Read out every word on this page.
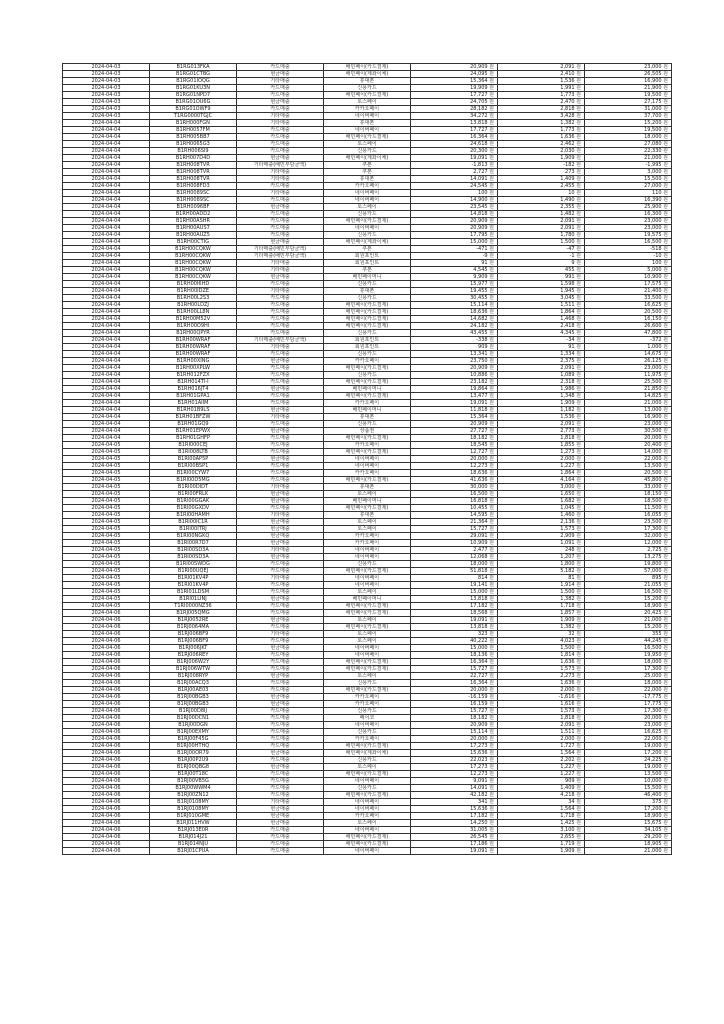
2024-04-03	B1RG013FKA	카드매출	배민페이(카드결제)	20,909 원	2,091 원	23,000 원
2024-04-03	B1RG01CTBG	현금매출	배민페이(계좌이체)	24,095 원	2,410 원	26,505 원
2024-04-03	B1RG01IOQG	기타매출	휴대폰	15,364 원	1,536 원	16,900 원
2024-04-03	B1RG01KU3N	카드매출	신용카드	19,909 원	1,991 원	21,900 원
2024-04-03	B1RG01NPD7	카드매출	배민페이(카드결제)	17,727 원	1,773 원	19,500 원
2024-04-03	B1RG01OU6G	현금매출	토스페이	24,705 원	2,470 원	27,175 원
2024-04-03	B1RG01OWF9	카드매출	카카오페이	28,182 원	2,818 원	31,000 원
2024-04-03	T1RG0000TGJC	기타매출	네이버페이	34,272 원	3,428 원	37,700 원
2024-04-04	B1RH000FGN	기타매출	휴대폰	13,818 원	1,382 원	15,200 원
2024-04-04	B1RH0057FM	카드매출	네이버페이	17,727 원	1,773 원	19,500 원
2024-04-04	B1RH005BB7	카드매출	배민페이(카드결제)	16,364 원	1,636 원	18,000 원
2024-04-04	B1RH0065G3	카드매출	토스페이	24,618 원	2,462 원	27,080 원
2024-04-04	B1RH006SI9	카드매출	신용카드	20,300 원	2,030 원	22,330 원
2024-04-04	B1RH007D4D	현금매출	배민페이(계좌이체)	19,091 원	1,909 원	21,000 원
2024-04-04	B1RH008TVR	기타매출(배민부담금액)	쿠폰	-1,813 원	-182 원	-1,995 원
2024-04-04	B1RH008TVR	기타매출	쿠폰	2,727 원	273 원	3,000 원
2024-04-04	B1RH008TVR	기타매출	휴대폰	14,091 원	1,409 원	15,500 원
2024-04-04	B1RH008FD3	카드매출	카카오페이	24,545 원	2,455 원	27,000 원
2024-04-04	B1RH0089SC	기타매출	네이버페이	100 원	10 원	110 원
2024-04-04	B1RH0089SC	카드매출	네이버페이	14,900 원	1,490 원	16,390 원
2024-04-04	B1RH0096BF	현금매출	토스페이	23,545 원	2,355 원	25,900 원
2024-04-04	B1RH00ADD2	카드매출	신용카드	14,818 원	1,482 원	16,300 원
2024-04-04	B1RH00ASHR	카드매출	배민페이(카드결제)	20,909 원	2,091 원	23,000 원
2024-04-04	B1RH00AUS7	카드매출	네이버페이	20,909 원	2,091 원	23,000 원
2024-04-04	B1RH00AUZ5	카드매출	신용카드	17,795 원	1,780 원	19,575 원
2024-04-04	B1RH00CTIG	현금매출	배민페이(계좌이체)	15,000 원	1,500 원	16,500 원
2024-04-04	B1RH00CQKW	기타매출(배민부담금액)	쿠폰	-471 원	-47 원	-518 원
2024-04-04	B1RH00CQKW	기타매출(배민부담금액)	회원포인트	-9 원	-1 원	-10 원
2024-04-04	B1RH00CQKW	기타매출	회원포인트	91 원	9 원	100 원
2024-04-04	B1RH00CQKW	기타매출	쿠폰	4,545 원	455 원	5,000 원
2024-04-04	B1RH00CQKW	현금매출	배민페이머니	9,909 원	991 원	10,900 원
2024-04-04	B1RH00I6HD	카드매출	신용카드	15,977 원	1,598 원	17,575 원
2024-04-04	B1RH00IDZE	기타매출	휴대폰	19,455 원	1,945 원	21,400 원
2024-04-04	B1RH00L2S3	카드매출	신용카드	30,455 원	3,045 원	33,500 원
2024-04-04	B1RH00LDZJ	카드매출	배민페이(카드결제)	15,114 원	1,511 원	16,625 원
2024-04-04	B1RH00LL8N	카드매출	배민페이(카드결제)	18,636 원	1,864 원	20,500 원
2024-04-04	B1RH00M52V	카드매출	배민페이(카드결제)	14,682 원	1,468 원	16,150 원
2024-04-04	B1RH00O9HI	카드매출	배민페이(카드결제)	24,182 원	2,418 원	26,600 원
2024-04-04	B1RH00QPYR	카드매출	신용카드	43,455 원	4,345 원	47,800 원
2024-04-04	B1RH00WRAF	기타매출(배민부담금액)	회원포인트	-338 원	-34 원	-372 원
2024-04-04	B1RH00WRAF	기타매출	회원포인트	909 원	91 원	1,000 원
2024-04-04	B1RH00WRAF	카드매출	신용카드	13,341 원	1,334 원	14,675 원
2024-04-04	B1RH00XING	현금매출	카카오페이	23,750 원	2,375 원	26,125 원
2024-04-04	B1RH00XPLW	카드매출	배민페이(카드결제)	20,909 원	2,091 원	23,000 원
2024-04-04	B1RH012FZX	카드매출	신용카드	10,886 원	1,089 원	11,975 원
2024-04-04	B1RH014TI-I	카드매출	배민페이(카드결제)	23,182 원	2,318 원	25,500 원
2024-04-04	B1RH016JT4	현금매출	배민페이머니	19,864 원	1,986 원	21,850 원
2024-04-04	B1RH01GPA1	카드매출	배민페이(카드결제)	13,477 원	1,348 원	14,825 원
2024-04-04	B1RH01AIIM	카드매출	카카오페이	19,091 원	1,909 원	21,000 원
2024-04-04	B1RH01B9LS	현금매출	배민페이머니	11,818 원	1,182 원	13,000 원
2024-04-04	B1RH01BFZW	기타매출	휴대폰	15,364 원	1,536 원	16,900 원
2024-04-04	B1RH01GQ9	카드매출	신용카드	20,909 원	2,091 원	23,000 원
2024-04-04	B1RH01EPWX	현금매출	상품권	27,727 원	2,773 원	30,500 원
2024-04-04	B1RH01GHFP	카드매출	배민페이(카드결제)	18,182 원	1,818 원	20,000 원
2024-04-05	B1RI000CEJ	카드매출	카카오페이	18,545 원	1,855 원	20,400 원
2024-04-05	B1RI008LTB	카드매출	배민페이(카드결제)	12,727 원	1,273 원	14,000 원
2024-04-05	B1RI00AP5P	현금매출	네이버페이	20,000 원	2,000 원	22,000 원
2024-04-05	B1RI00BSP1	카드매출	네이버페이	12,273 원	1,227 원	13,500 원
2024-04-05	B1RI00CYW7	카드매출	카카오페이	18,636 원	1,864 원	20,500 원
2024-04-05	B1RI00D5MG	카드매출	배민페이(카드결제)	41,636 원	4,164 원	45,800 원
2024-04-05	B1RI00DIDT	기타매출	휴대폰	30,000 원	3,000 원	33,000 원
2024-04-05	B1RI00FRLK	현금매출	토스페이	16,500 원	1,650 원	18,150 원
2024-04-05	B1RI00GGAK	현금매출	배민페이머니	16,818 원	1,682 원	18,500 원
2024-04-05	B1RI00GXDV	카드매출	배민페이(카드결제)	10,455 원	1,045 원	11,500 원
2024-04-05	B1RI00HAMH	기타매출	휴대폰	14,595 원	1,460 원	16,055 원
2024-04-05	B1RI00IC1R	현금매출	토스페이	21,364 원	2,136 원	23,500 원
2024-04-05	B1RI00ITRJ	현금매출	토스페이	15,727 원	1,573 원	17,300 원
2024-04-05	B1RI00NGKQ	현금매출	카카오페이	29,091 원	2,909 원	32,000 원
2024-04-05	B1RI00R7D7	현금매출	카카오페이	10,909 원	1,091 원	12,000 원
2024-04-05	B1RI00SD3A	기타매출	네이버페이	2,477 원	248 원	2,725 원
2024-04-05	B1RI00SD3A	현금매출	네이버페이	12,068 원	1,207 원	13,275 원
2024-04-05	B1RI00SWDG	카드매출	신용카드	18,000 원	1,800 원	19,800 원
2024-04-05	B1RI00UQEJ	카드매출	배민페이(카드결제)	51,818 원	5,182 원	57,000 원
2024-04-05	B1RI01KV4P	기타매출	네이버페이	814 원	81 원	895 원
2024-04-05	B1RI01KV4P	카드매출	네이버페이	19,141 원	1,914 원	21,055 원
2024-04-05	B1RI01LDSM	카드매출	토스페이	15,000 원	1,500 원	16,500 원
2024-04-05	B1RI01LINJ	현금매출	배민페이머니	13,818 원	1,382 원	15,200 원
2024-04-05	T1RI0000NZ36	카드매출	배민페이(카드결제)	17,182 원	1,718 원	18,900 원
2024-04-06	B1RJ005QMG	카드매출	배민페이(카드결제)	18,568 원	1,857 원	20,425 원
2024-04-06	B1RJ0052RE	현금매출	토스페이	19,091 원	1,909 원	21,000 원
2024-04-06	B1RJ0064MA	카드매출	배민페이(카드결제)	13,818 원	1,382 원	15,200 원
2024-04-06	B1RJ006BF9	기타매출	토스페이	323 원	32 원	355 원
2024-04-06	B1RJ006BF9	카드매출	토스페이	40,222 원	4,023 원	44,245 원
2024-04-06	B1RJ006JKT	현금매출	네이버페이	15,000 원	1,500 원	16,500 원
2024-04-06	B1RJ006REY	카드매출	네이버페이	18,136 원	1,814 원	19,950 원
2024-04-06	B1RJ006W2Y	카드매출	배민페이(카드결제)	16,364 원	1,636 원	18,000 원
2024-04-06	B1RJ006WTW	카드매출	배민페이(카드결제)	15,727 원	1,573 원	17,300 원
2024-04-06	B1RJ008RYP	현금매출	토스페이	22,727 원	2,273 원	25,000 원
2024-04-06	B1RJ00ACQ3	카드매출	신용카드	16,364 원	1,636 원	18,000 원
2024-04-06	B1RJ00AE03	카드매출	배민페이(카드결제)	20,000 원	2,000 원	22,000 원
2024-04-06	B1RJ00BGB3	현금매출	카카오페이	-16,159 원	-1,616 원	-17,775 원
2024-04-06	B1RJ00BGB3	현금매출	카카오페이	16,159 원	1,616 원	17,775 원
2024-04-06	B1RJ00D8IJ	카드매출	신용카드	15,727 원	1,573 원	17,300 원
2024-04-06	B1RJ00DCN1	카드매출	페이코	18,182 원	1,818 원	20,000 원
2024-04-06	B1RJ00DGN	카드매출	네이버페이	20,909 원	2,091 원	23,000 원
2024-04-06	B1RJ00EXMY	카드매출	신용카드	15,114 원	1,511 원	16,625 원
2024-04-06	B1RJ00F45G	카드매출	카카오페이	20,000 원	2,000 원	22,000 원
2024-04-06	B1RJ00HTHQ	카드매출	배민페이(카드결제)	17,273 원	1,727 원	19,000 원
2024-04-06	B1RJ00OR79	현금매출	배민페이(계좌이체)	15,636 원	1,564 원	17,200 원
2024-04-06	B1RJ00P2U9	카드매출	신용카드	22,023 원	2,202 원	24,225 원
2024-04-06	B1RJ00QBG8	현금매출	토스페이	17,273 원	1,227 원	19,000 원
2024-04-06	B1RJ00T18C	카드매출	배민페이(카드결제)	12,273 원	1,227 원	13,500 원
2024-04-06	B1RJ00VB5G	카드매출	네이버페이	9,091 원	909 원	10,000 원
2024-04-06	B1RJ00WWM4	카드매출	신용카드	14,091 원	1,409 원	15,500 원
2024-04-06	B1RJ00ZN12	카드매출	배민페이(카드결제)	42,182 원	4,218 원	46,400 원
2024-04-06	B1RJ0108MY	기타매출	네이버페이	341 원	34 원	375 원
2024-04-06	B1RJ0108MY	현금매출	네이버페이	15,636 원	1,564 원	17,200 원
2024-04-06	B1RJ010GME	현금매출	카카오페이	17,182 원	1,718 원	18,900 원
2024-04-06	B1RJ011HVW	현금매출	토스페이	14,250 원	1,425 원	15,675 원
2024-04-06	B1RJ013E0R	카드매출	네이버페이	31,005 원	3,100 원	34,105 원
2024-04-06	B1RJ014J21	카드매출	배민페이(카드결제)	26,545 원	2,655 원	29,200 원
2024-04-06	B1RJ014NJU	카드매출	배민페이(카드결제)	17,186 원	1,719 원	18,905 원
2024-04-06	B1RJ01CPUA	카드매출	네이버페이	19,091 원	1,909 원	21,000 원
